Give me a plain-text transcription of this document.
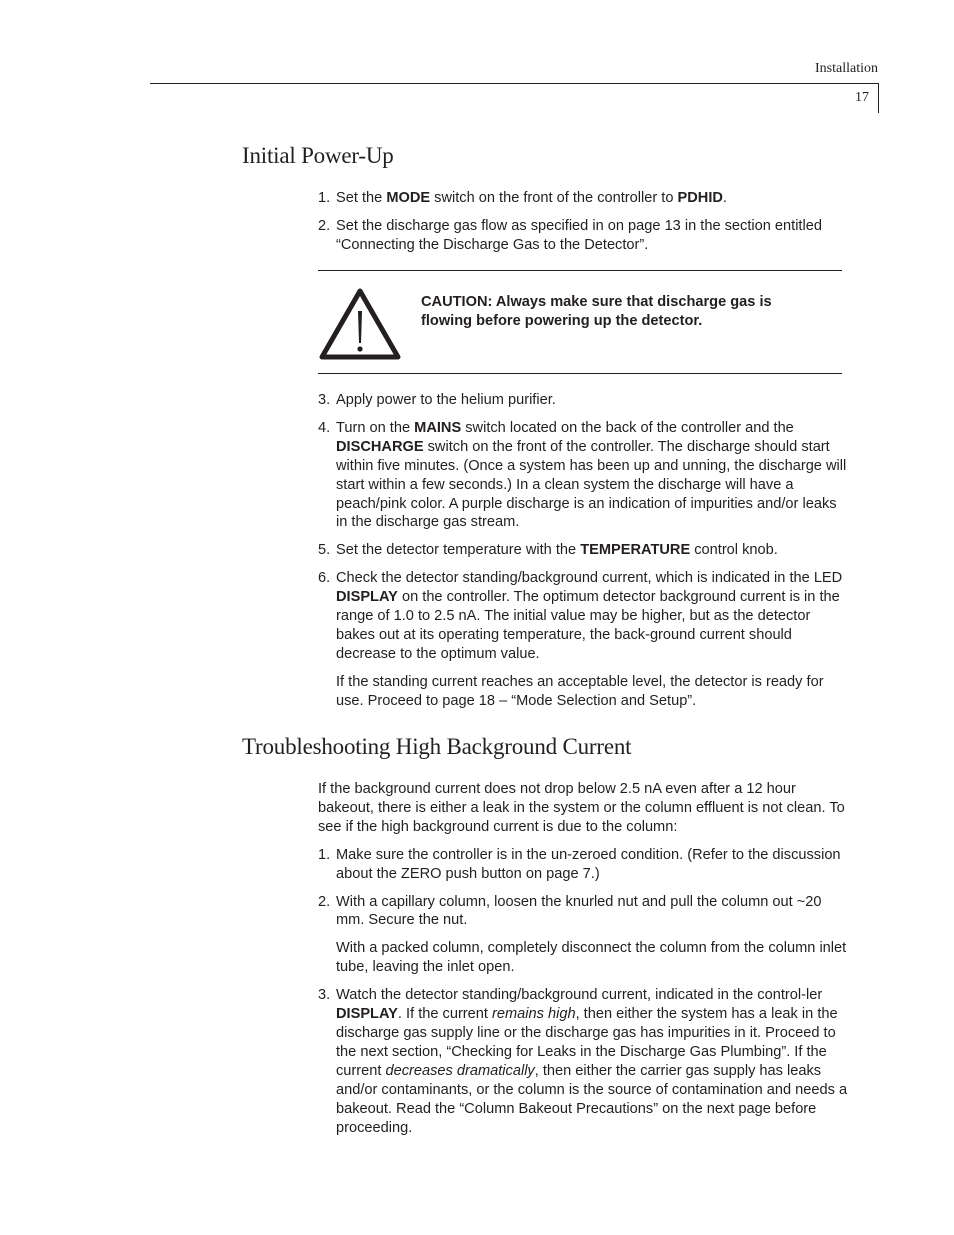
Installation
17
Initial Power-Up
1. Set the MODE switch on the front of the controller to PDHID.
2. Set the discharge gas flow as specified in on page 13 in the section entitled “Connecting the Discharge Gas to the Detector”.
CAUTION: Always make sure that discharge gas is flowing before powering up the detector.
3. Apply power to the helium purifier.
4. Turn on the MAINS switch located on the back of the controller and the DISCHARGE switch on the front of the controller. The discharge should start within five minutes. (Once a system has been up and unning, the discharge will start within a few seconds.) In a clean system the discharge will have a peach/pink color. A purple discharge is an indication of impurities and/or leaks in the discharge gas stream.
5. Set the detector temperature with the TEMPERATURE control knob.
6. Check the detector standing/background current, which is indicated in the LED DISPLAY on the controller. The optimum detector background current is in the range of 1.0 to 2.5 nA. The initial value may be higher, but as the detector bakes out at its operating temperature, the back-ground current should decrease to the optimum value.

If the standing current reaches an acceptable level, the detector is ready for use. Proceed to page 18 – “Mode Selection and Setup”.

Troubleshooting High Background Current

If the background current does not drop below 2.5 nA even after a 12 hour bakeout, there is either a leak in the system or the column effluent is not clean. To see if the high background current is due to the column:

1. Make sure the controller is in the un-zeroed condition. (Refer to the discussion about the ZERO push button on page 7.)
2. With a capillary column, loosen the knurled nut and pull the column out ~20 mm. Secure the nut.

With a packed column, completely disconnect the column from the column inlet tube, leaving the inlet open.

3. Watch the detector standing/background current, indicated in the control-ler DISPLAY. If the current remains high, then either the system has a leak in the discharge gas supply line or the discharge gas has impurities in it. Proceed to the next section, “Checking for Leaks in the Discharge Gas Plumbing”. If the current decreases dramatically, then either the carrier gas supply has leaks and/or contaminants, or the column is the source of contamination and needs a bakeout. Read the “Column Bakeout Precautions” on the next page before proceeding.
